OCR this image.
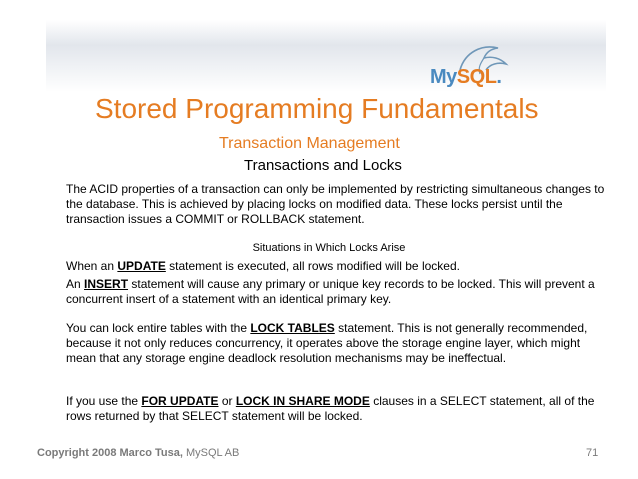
MySQL.
Stored Programming Fundamentals
Transaction Management
Transactions and Locks
The ACID properties of a transaction can only be implemented by restricting simultaneous changes to the database. This is achieved by placing locks on modified data. These locks persist until the transaction issues a COMMIT or ROLLBACK statement.
Situations in Which Locks Arise
When an UPDATE statement is executed, all rows modified will be locked.
An INSERT statement will cause any primary or unique key records to be locked. This will prevent a concurrent insert of a statement with an identical primary key.
You can lock entire tables with the LOCK TABLES statement. This is not generally recommended, because it not only reduces concurrency, it operates above the storage engine layer, which might mean that any storage engine deadlock resolution mechanisms may be ineffectual.
If you use the FOR UPDATE or LOCK IN SHARE MODE clauses in a SELECT statement, all of the rows returned by that SELECT statement will be locked.
Copyright 2008 Marco Tusa, MySQL AB	71
